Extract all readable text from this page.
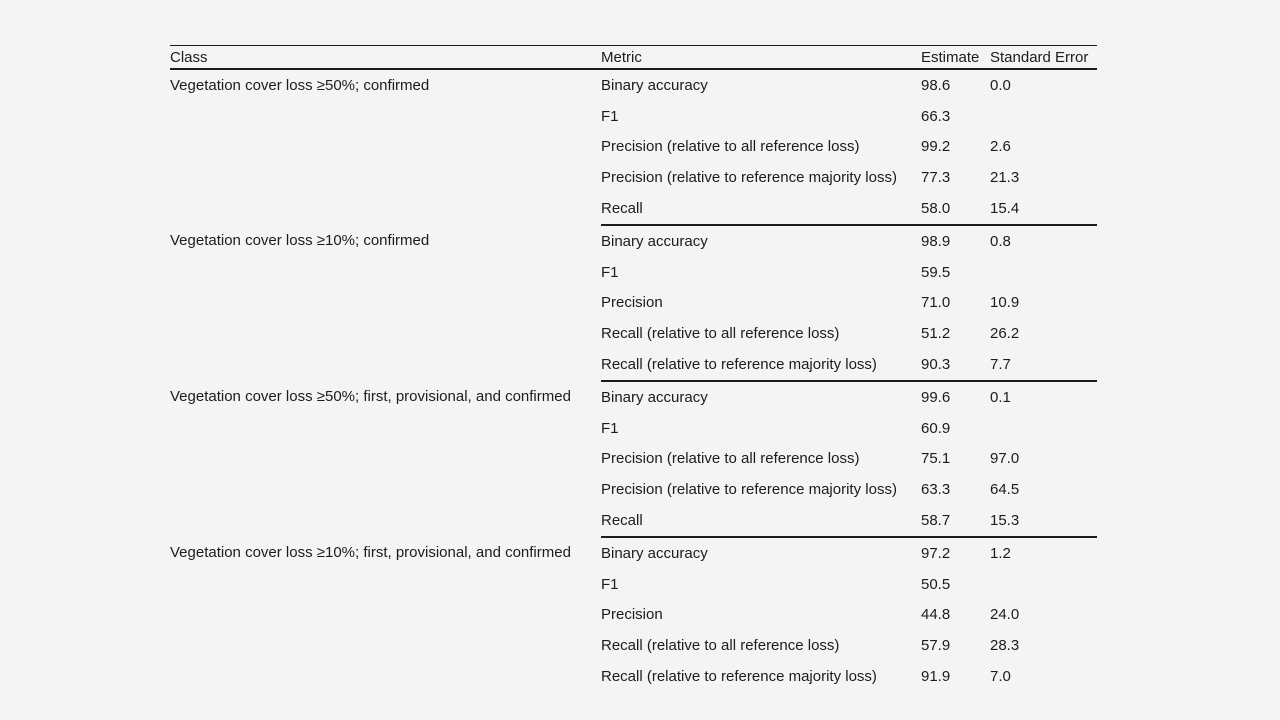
Class	Metric	Estimate	Standard Error
Vegetation cover loss ≥50%; confirmed	Binary accuracy	98.6	0.0
	F1	66.3	
	Precision (relative to all reference loss)	99.2	2.6
	Precision (relative to reference majority loss)	77.3	21.3
	Recall	58.0	15.4
Vegetation cover loss ≥10%; confirmed	Binary accuracy	98.9	0.8
	F1	59.5	
	Precision	71.0	10.9
	Recall (relative to all reference loss)	51.2	26.2
	Recall (relative to reference majority loss)	90.3	7.7
Vegetation cover loss ≥50%; first, provisional, and confirmed	Binary accuracy	99.6	0.1
	F1	60.9	
	Precision (relative to all reference loss)	75.1	97.0
	Precision (relative to reference majority loss)	63.3	64.5
	Recall	58.7	15.3
Vegetation cover loss ≥10%; first, provisional, and confirmed	Binary accuracy	97.2	1.2
	F1	50.5	
	Precision	44.8	24.0
	Recall (relative to all reference loss)	57.9	28.3
	Recall (relative to reference majority loss)	91.9	7.0
